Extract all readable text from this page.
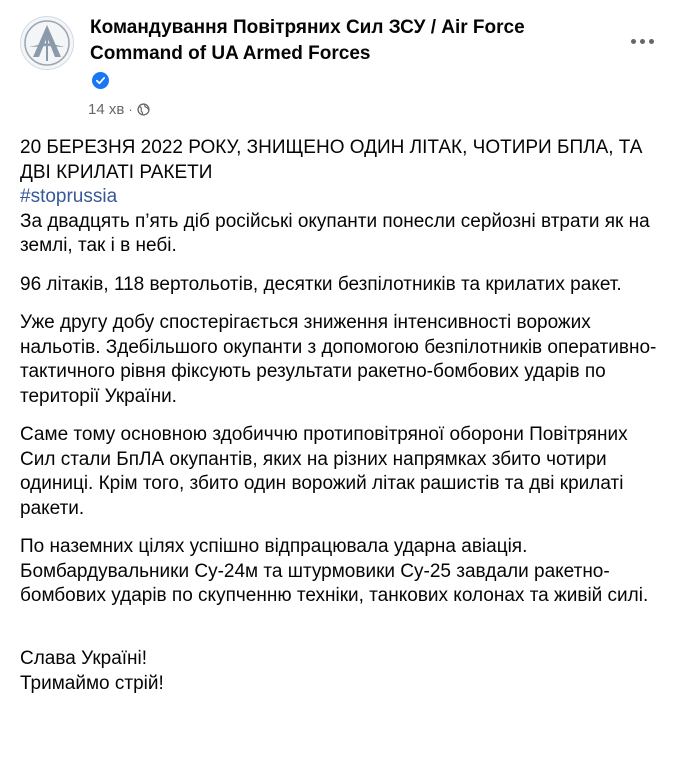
Командування Повітряних Сил ЗСУ / Air Force Command of UA Armed Forces
14 хв ·

20 БЕРЕЗНЯ 2022 РОКУ, ЗНИЩЕНО ОДИН ЛІТАК, ЧОТИРИ БПЛА, ТА ДВІ КРИЛАТІ РАКЕТИ

#stoprussia

За двадцять п’ять діб російські окупанти понесли серйозні втрати як на землі, так і в небі.

96 літаків, 118 вертольотів, десятки безпілотників та крилатих ракет.

Уже другу добу спостерігається зниження інтенсивності ворожих нальотів. Здебільшого окупанти з допомогою безпілотників оперативно-тактичного рівня фіксують результати ракетно-бомбових ударів по території України.

Саме тому основною здобиччю протиповітряної оборони Повітряних Сил стали БпЛА окупантів, яких на різних напрямках збито чотири одиниці. Крім того, збито один ворожий літак рашистів та дві крилаті ракети.

По наземних цілях успішно відпрацювала ударна авіація. Бомбардувальники Су-24м та штурмовики Су-25 завдали ракетно-бомбових ударів по скупченню техніки, танкових колонах та живій силі.

Слава Україні!
Тримаймо стрій!
